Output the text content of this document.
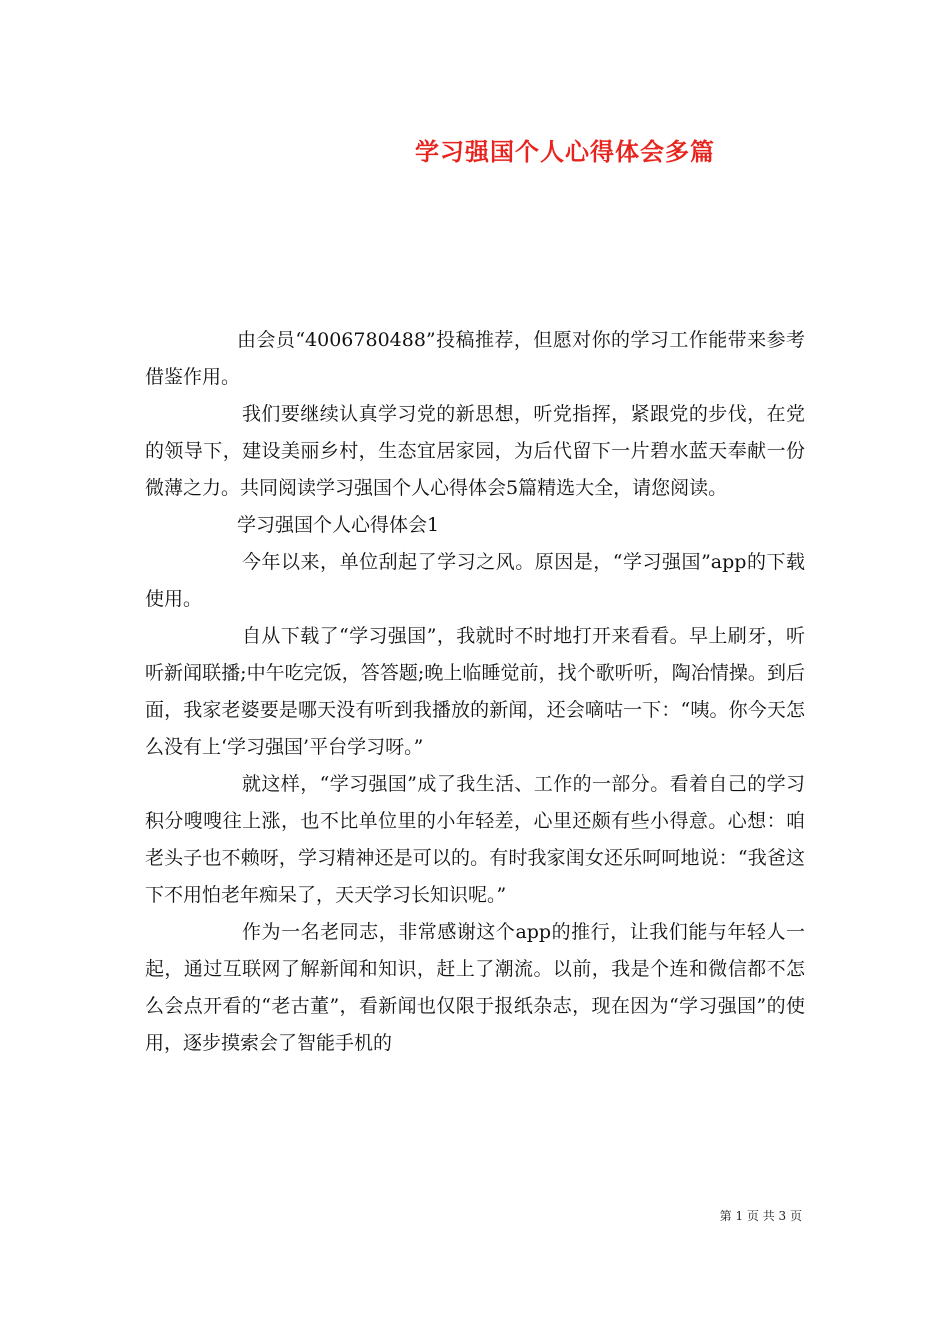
学习强国个人心得体会多篇

由会员“4006780488”投稿推荐，但愿对你的学习工作能带来参考借鉴作用。

我们要继续认真学习党的新思想，听党指挥，紧跟党的步伐，在党的领导下，建设美丽乡村，生态宜居家园，为后代留下一片碧水蓝天奉献一份微薄之力。共同阅读学习强国个人心得体会5篇精选大全，请您阅读。

学习强国个人心得体会1

今年以来，单位刮起了学习之风。原因是，“学习强国”app的下载使用。

自从下载了“学习强国”，我就时不时地打开来看看。早上刷牙，听听新闻联播;中午吃完饭，答答题;晚上临睡觉前，找个歌听听，陶冶情操。到后面，我家老婆要是哪天没有听到我播放的新闻，还会嘀咕一下：“咦。你今天怎么没有上‘学习强国’平台学习呀。”

就这样，“学习强国”成了我生活、工作的一部分。看着自己的学习积分嗖嗖往上涨，也不比单位里的小年轻差，心里还颇有些小得意。心想：咱老头子也不赖呀，学习精神还是可以的。有时我家闺女还乐呵呵地说：“我爸这下不用怕老年痴呆了，天天学习长知识呢。”

作为一名老同志，非常感谢这个app的推行，让我们能与年轻人一起，通过互联网了解新闻和知识，赶上了潮流。以前，我是个连和微信都不怎么会点开看的“老古董”，看新闻也仅限于报纸杂志，现在因为“学习强国”的使用，逐步摸索会了智能手机的

第 1 页 共 3 页
